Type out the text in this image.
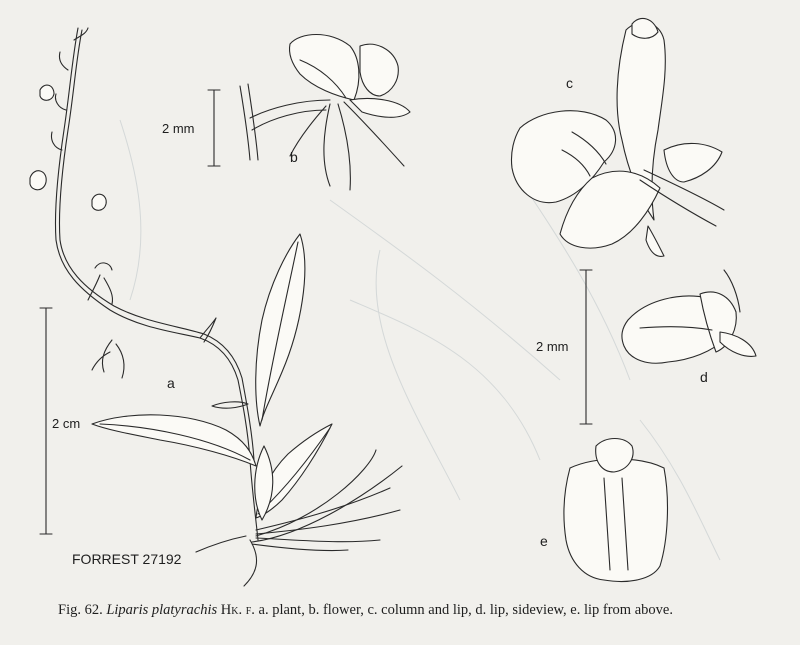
a
b
c
d
e
2 cm
2 mm
2 mm
FORREST 27192
Fig. 62. Liparis platyrachis Hk. f. a. plant, b. flower, c. column and lip, d. lip, sideview, e. lip from above.
